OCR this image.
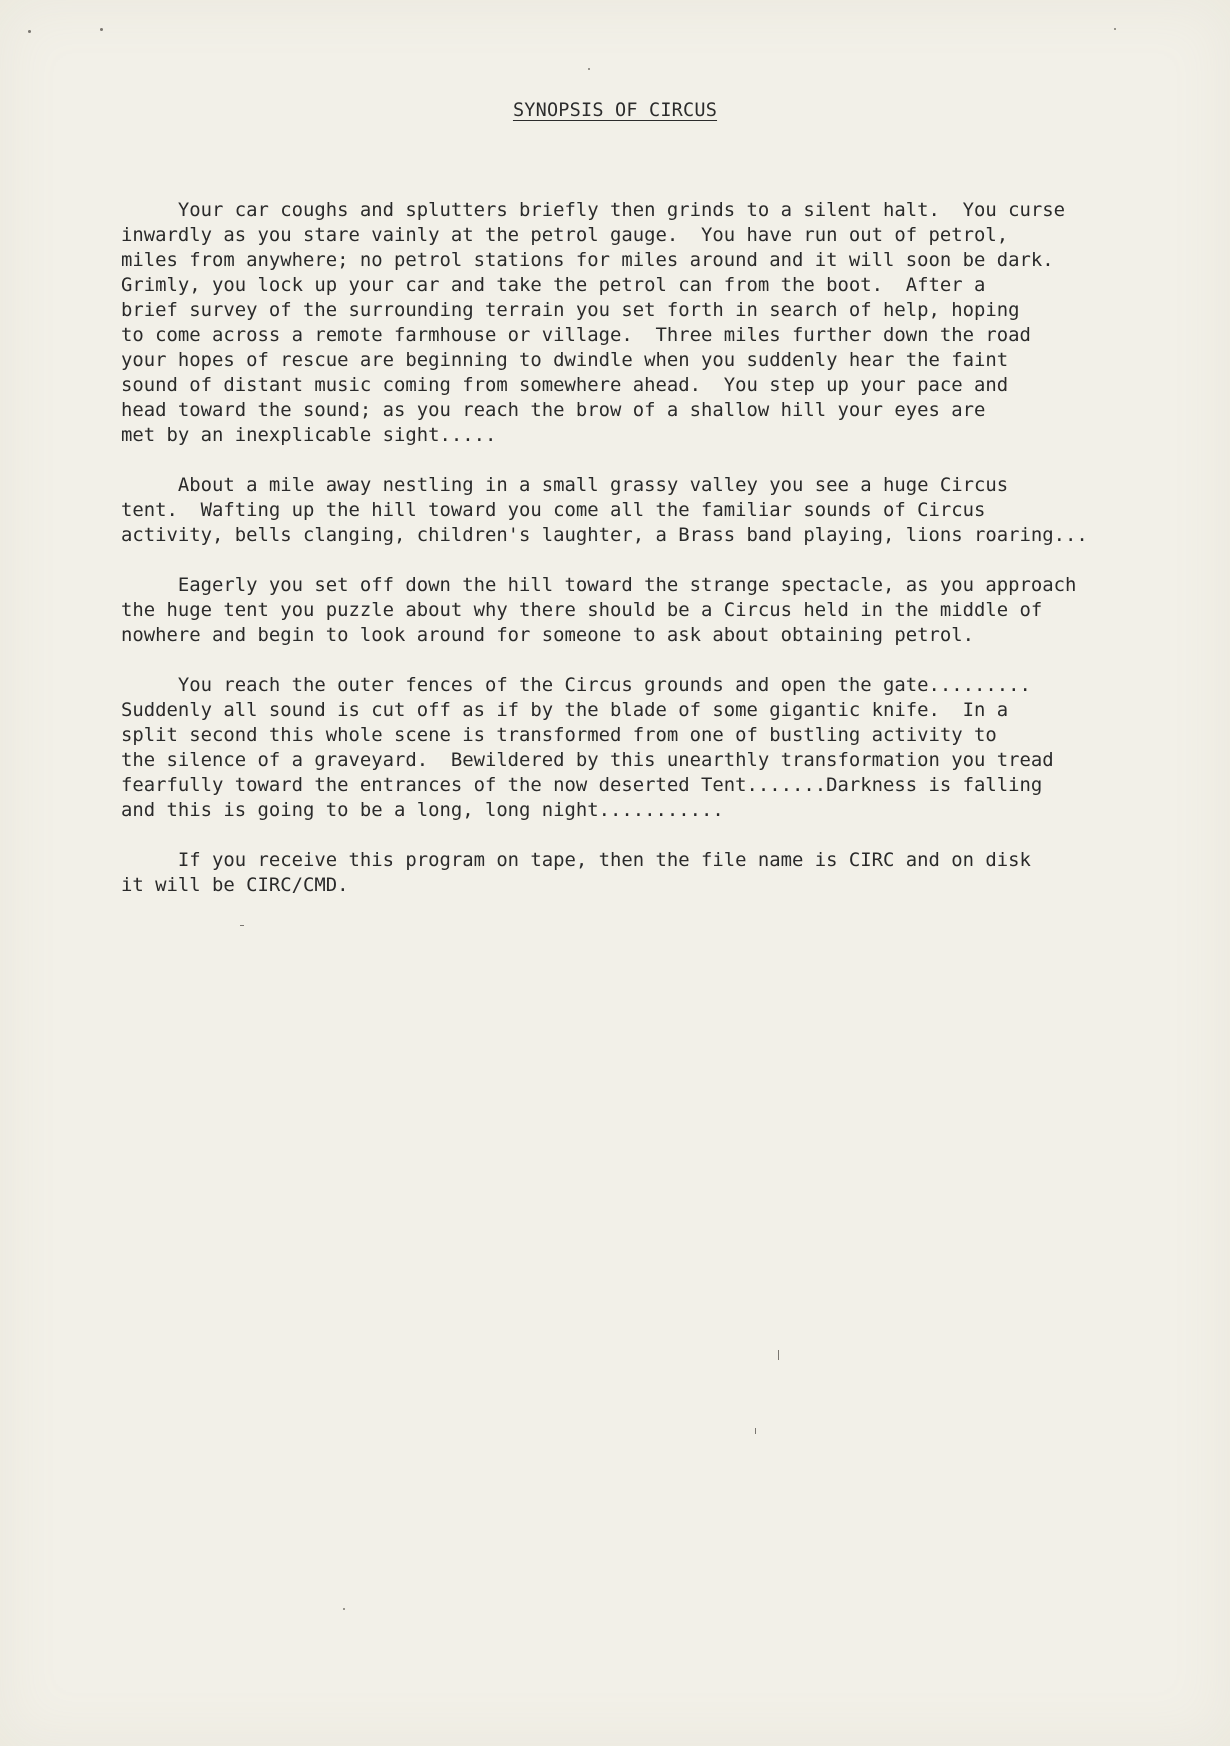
SYNOPSIS OF CIRCUS
Your car coughs and splutters briefly then grinds to a silent halt.  You curse
inwardly as you stare vainly at the petrol gauge.  You have run out of petrol,
miles from anywhere; no petrol stations for miles around and it will soon be dark.
Grimly, you lock up your car and take the petrol can from the boot.  After a
brief survey of the surrounding terrain you set forth in search of help, hoping
to come across a remote farmhouse or village.  Three miles further down the road
your hopes of rescue are beginning to dwindle when you suddenly hear the faint
sound of distant music coming from somewhere ahead.  You step up your pace and
head toward the sound; as you reach the brow of a shallow hill your eyes are
met by an inexplicable sight.....
About a mile away nestling in a small grassy valley you see a huge Circus
tent.  Wafting up the hill toward you come all the familiar sounds of Circus
activity, bells clanging, children's laughter, a Brass band playing, lions roaring...
Eagerly you set off down the hill toward the strange spectacle, as you approach
the huge tent you puzzle about why there should be a Circus held in the middle of
nowhere and begin to look around for someone to ask about obtaining petrol.
You reach the outer fences of the Circus grounds and open the gate.........
Suddenly all sound is cut off as if by the blade of some gigantic knife.  In a
split second this whole scene is transformed from one of bustling activity to
the silence of a graveyard.  Bewildered by this unearthly transformation you tread
fearfully toward the entrances of the now deserted Tent.......Darkness is falling
and this is going to be a long, long night...........
If you receive this program on tape, then the file name is CIRC and on disk
it will be CIRC/CMD.
